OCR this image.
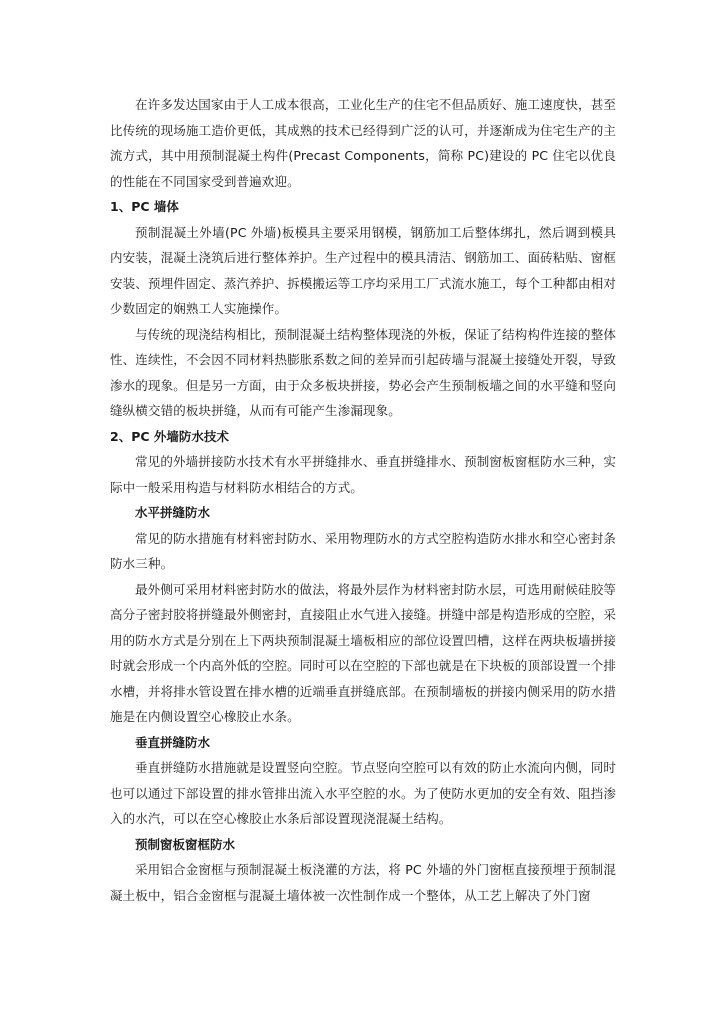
在许多发达国家由于人工成本很高，工业化生产的住宅不但品质好、施工速度快，甚至比传统的现场施工造价更低，其成熟的技术已经得到广泛的认可，并逐渐成为住宅生产的主流方式，其中用预制混凝土构件(Precast Components，简称 PC)建设的 PC 住宅以优良的性能在不同国家受到普遍欢迎。

1、PC 墙体

预制混凝土外墙(PC 外墙)板模具主要采用钢模，钢筋加工后整体绑扎，然后调到模具内安装，混凝土浇筑后进行整体养护。生产过程中的模具清洁、钢筋加工、面砖粘贴、窗框安装、预埋件固定、蒸汽养护、拆模搬运等工序均采用工厂式流水施工，每个工种都由相对少数固定的娴熟工人实施操作。

与传统的现浇结构相比，预制混凝土结构整体现浇的外板，保证了结构构件连接的整体性、连续性，不会因不同材料热膨胀系数之间的差异而引起砖墙与混凝土接缝处开裂，导致渗水的现象。但是另一方面，由于众多板块拼接，势必会产生预制板墙之间的水平缝和竖向缝纵横交错的板块拼缝，从而有可能产生渗漏现象。

2、PC 外墙防水技术

常见的外墙拼接防水技术有水平拼缝排水、垂直拼缝排水、预制窗板窗框防水三种，实际中一般采用构造与材料防水相结合的方式。

水平拼缝防水

常见的防水措施有材料密封防水、采用物理防水的方式空腔构造防水排水和空心密封条防水三种。

最外侧可采用材料密封防水的做法，将最外层作为材料密封防水层，可选用耐候硅胶等高分子密封胶将拼缝最外侧密封，直接阻止水气进入接缝。拼缝中部是构造形成的空腔，采用的防水方式是分别在上下两块预制混凝土墙板相应的部位设置凹槽，这样在两块板墙拼接时就会形成一个内高外低的空腔。同时可以在空腔的下部也就是在下块板的顶部设置一个排水槽，并将排水管设置在排水槽的近端垂直拼缝底部。在预制墙板的拼接内侧采用的防水措施是在内侧设置空心橡胶止水条。

垂直拼缝防水

垂直拼缝防水措施就是设置竖向空腔。节点竖向空腔可以有效的防止水流向内侧，同时也可以通过下部设置的排水管排出流入水平空腔的水。为了使防水更加的安全有效、阻挡渗入的水汽，可以在空心橡胶止水条后部设置现浇混凝土结构。

预制窗板窗框防水

采用铝合金窗框与预制混凝土板浇灌的方法，将 PC 外墙的外门窗框直接预埋于预制混凝土板中，铝合金窗框与混凝土墙体被一次性制作成一个整体，从工艺上解决了外门窗
